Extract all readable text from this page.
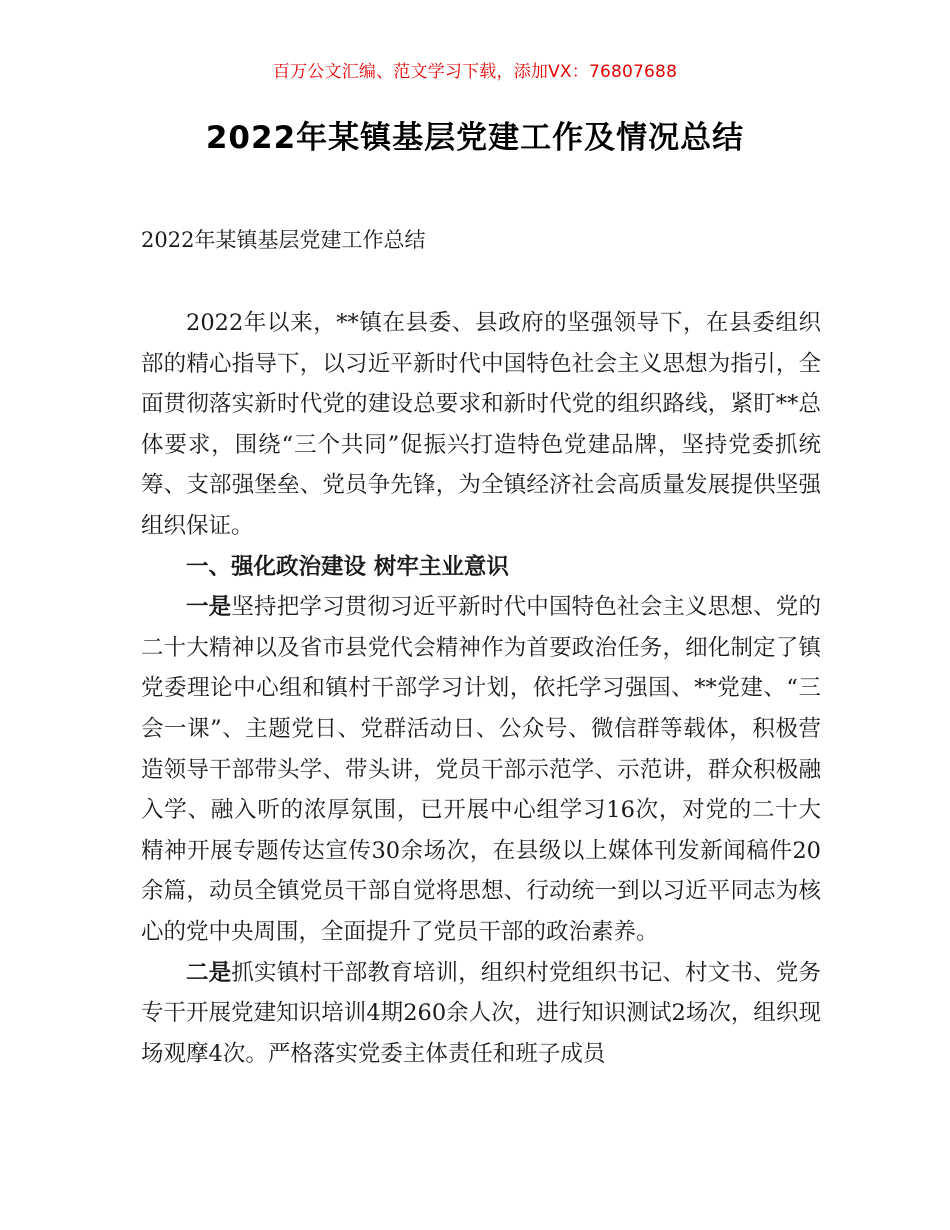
百万公文汇编、范文学习下载，添加VX：76807688
2022年某镇基层党建工作及情况总结
2022年某镇基层党建工作总结

2022年以来，**镇在县委、县政府的坚强领导下，在县委组织部的精心指导下，以习近平新时代中国特色社会主义思想为指引，全面贯彻落实新时代党的建设总要求和新时代党的组织路线，紧盯**总体要求，围绕“三个共同”促振兴打造特色党建品牌，坚持党委抓统筹、支部强堡垒、党员争先锋，为全镇经济社会高质量发展提供坚强组织保证。

一、强化政治建设 树牢主业意识

一是坚持把学习贯彻习近平新时代中国特色社会主义思想、党的二十大精神以及省市县党代会精神作为首要政治任务，细化制定了镇党委理论中心组和镇村干部学习计划，依托学习强国、**党建、“三会一课”、主题党日、党群活动日、公众号、微信群等载体，积极营造领导干部带头学、带头讲，党员干部示范学、示范讲，群众积极融入学、融入听的浓厚氛围，已开展中心组学习16次，对党的二十大精神开展专题传达宣传30余场次，在县级以上媒体刊发新闻稿件20余篇，动员全镇党员干部自觉将思想、行动统一到以习近平同志为核心的党中央周围，全面提升了党员干部的政治素养。

二是抓实镇村干部教育培训，组织村党组织书记、村文书、党务专干开展党建知识培训4期260余人次，进行知识测试2场次，组织现场观摩4次。严格落实党委主体责任和班子成员
